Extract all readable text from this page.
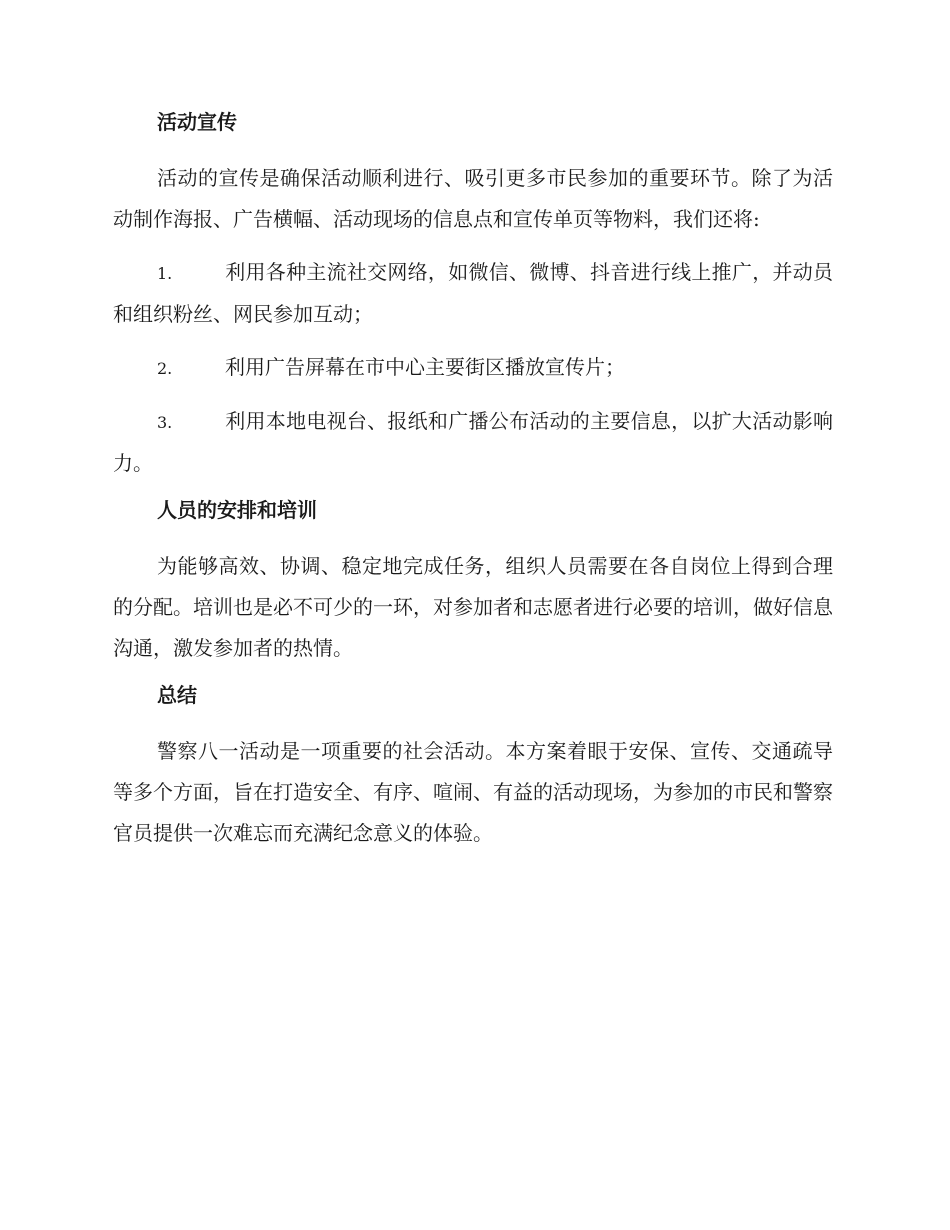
活动宣传

活动的宣传是确保活动顺利进行、吸引更多市民参加的重要环节。除了为活动制作海报、广告横幅、活动现场的信息点和宣传单页等物料，我们还将:

1.	利用各种主流社交网络，如微信、微博、抖音进行线上推广，并动员和组织粉丝、网民参加互动；

2.	利用广告屏幕在市中心主要街区播放宣传片；

3.	利用本地电视台、报纸和广播公布活动的主要信息，以扩大活动影响力。

人员的安排和培训

为能够高效、协调、稳定地完成任务，组织人员需要在各自岗位上得到合理的分配。培训也是必不可少的一环，对参加者和志愿者进行必要的培训，做好信息沟通，激发参加者的热情。

总结

警察八一活动是一项重要的社会活动。本方案着眼于安保、宣传、交通疏导等多个方面，旨在打造安全、有序、喧闹、有益的活动现场，为参加的市民和警察官员提供一次难忘而充满纪念意义的体验。
